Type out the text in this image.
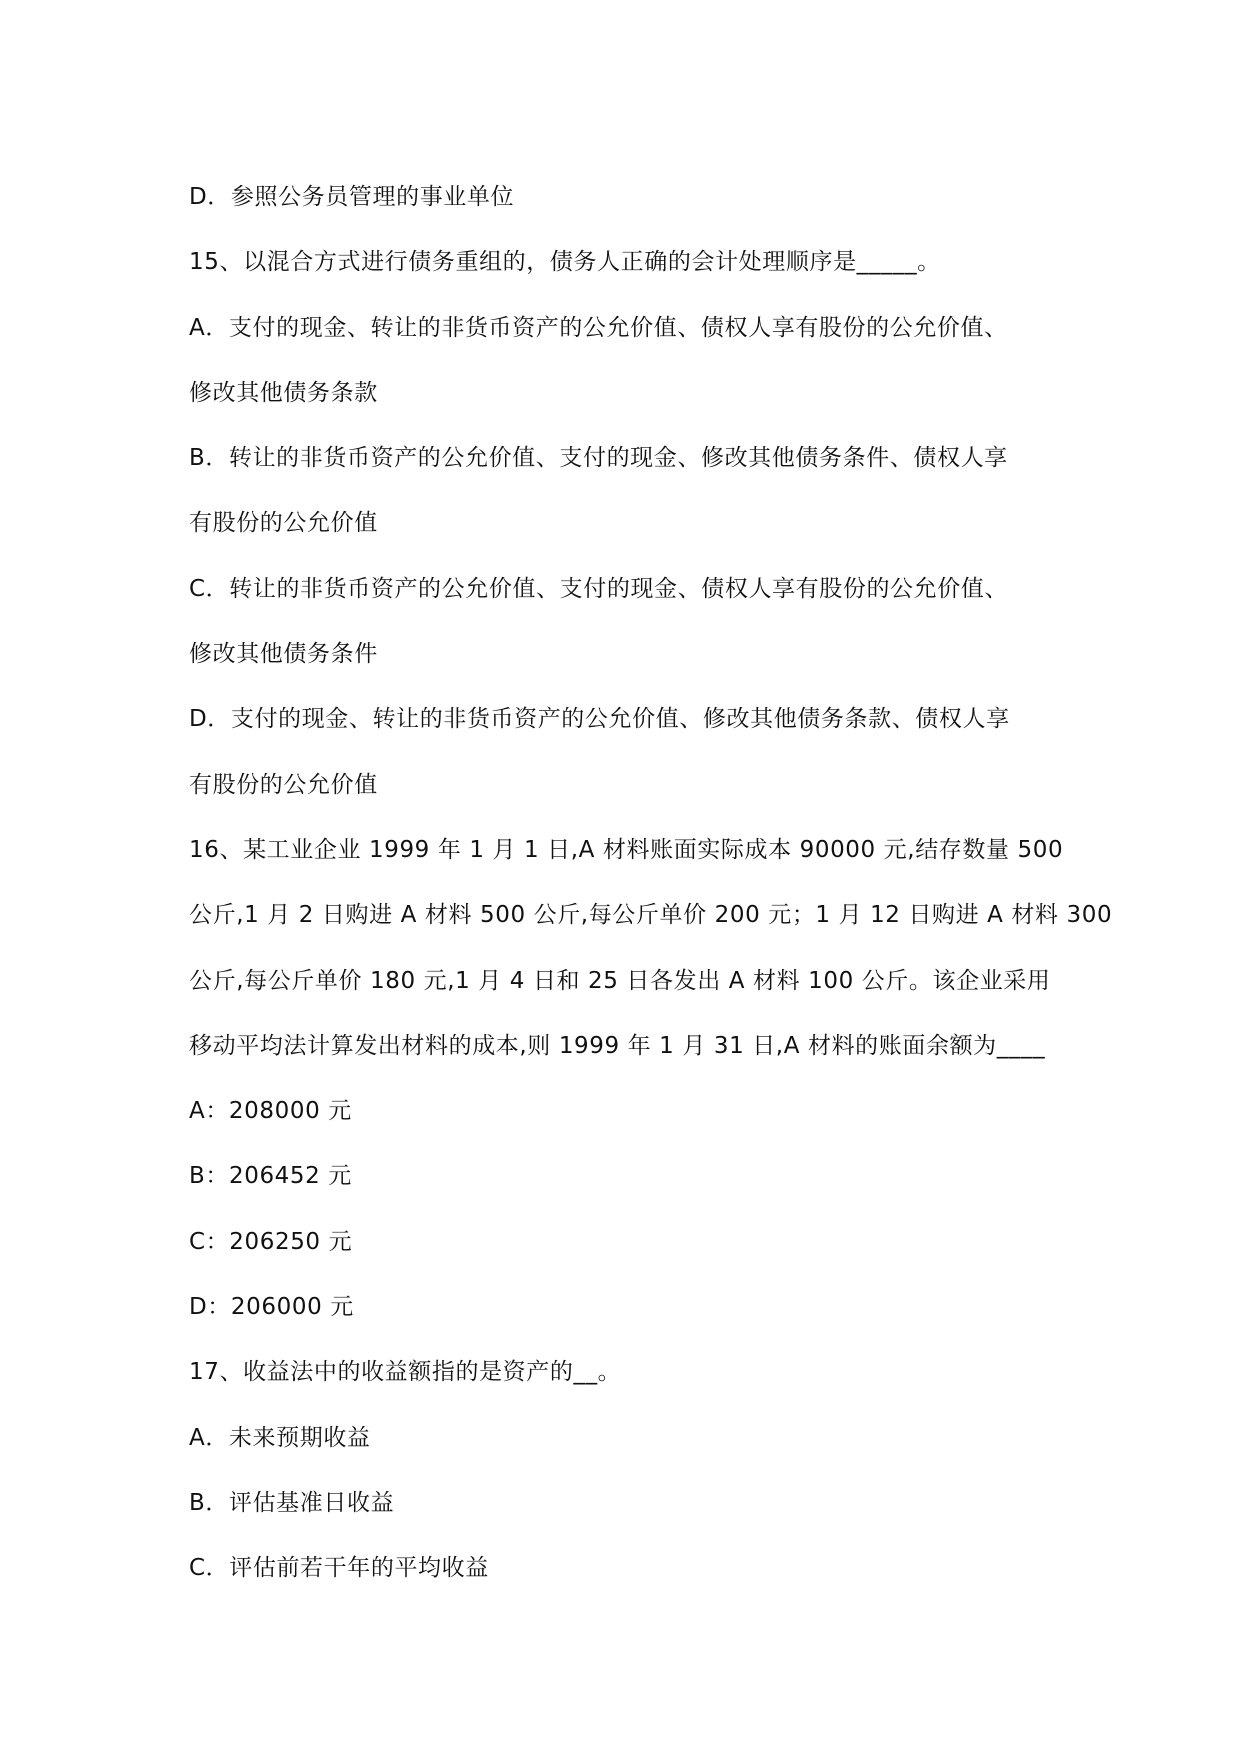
D．参照公务员管理的事业单位
15、以混合方式进行债务重组的，债务人正确的会计处理顺序是_____。
A．支付的现金、转让的非货币资产的公允价值、债权人享有股份的公允价值、
修改其他债务条款
B．转让的非货币资产的公允价值、支付的现金、修改其他债务条件、债权人享
有股份的公允价值
C．转让的非货币资产的公允价值、支付的现金、债权人享有股份的公允价值、
修改其他债务条件
D．支付的现金、转让的非货币资产的公允价值、修改其他债务条款、债权人享
有股份的公允价值
16、某工业企业 1999 年 1 月 1 日,A 材料账面实际成本 90000 元,结存数量 500
公斤,1 月 2 日购进 A 材料 500 公斤,每公斤单价 200 元；1 月 12 日购进 A 材料 300
公斤,每公斤单价 180 元,1 月 4 日和 25 日各发出 A 材料 100 公斤。该企业采用
移动平均法计算发出材料的成本,则 1999 年 1 月 31 日,A 材料的账面余额为____
A：208000 元
B：206452 元
C：206250 元
D：206000 元
17、收益法中的收益额指的是资产的__。
A．未来预期收益
B．评估基准日收益
C．评估前若干年的平均收益
